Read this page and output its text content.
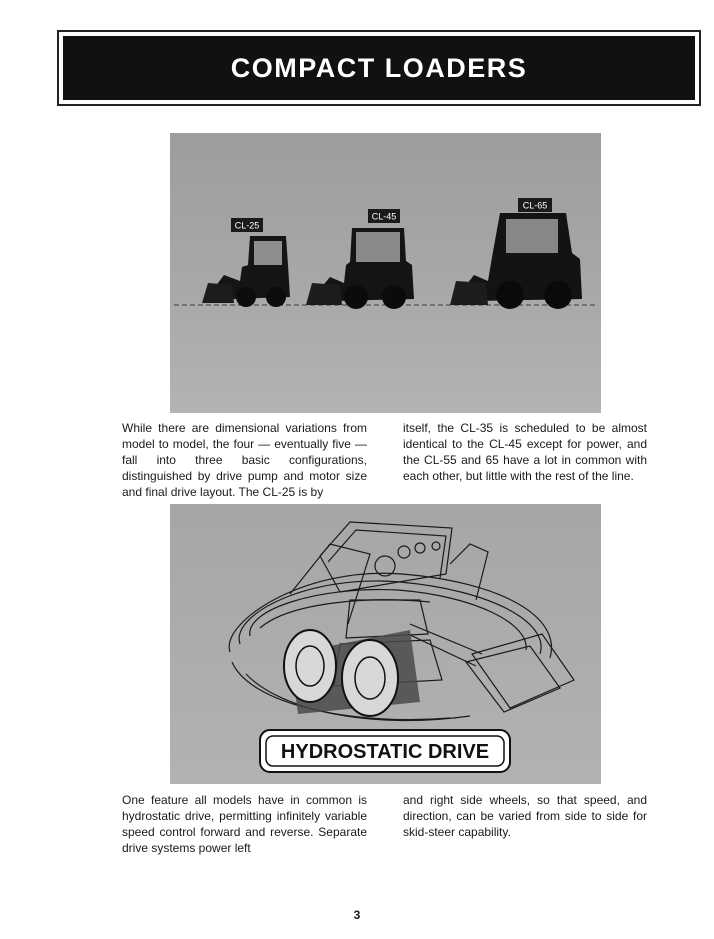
COMPACT LOADERS
CL-25
CL-45
CL-65

While there are dimensional variations from model to model, the four — eventually five — fall into three basic configurations, distinguished by drive pump and motor size and final drive layout. The CL-25 is by

itself, the CL-35 is scheduled to be almost identical to the CL-45 except for power, and the CL-55 and 65 have a lot in common with each other, but little with the rest of the line.

HYDROSTATIC DRIVE

One feature all models have in common is hydrostatic drive, permitting infinitely variable speed control forward and reverse. Separate drive systems power left

and right side wheels, so that speed, and direction, can be varied from side to side for skid-steer capability.

3
